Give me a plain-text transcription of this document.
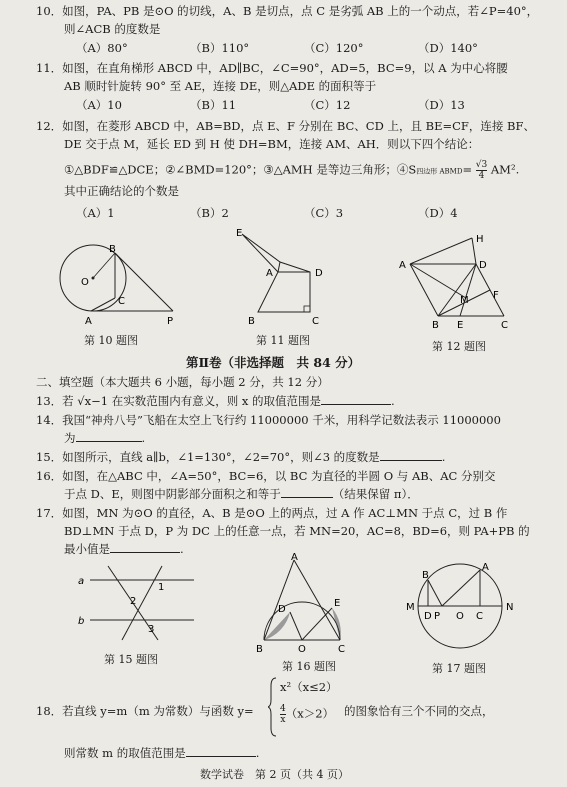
10．如图，PA、PB 是⊙O 的切线，A、B 是切点，点 C 是劣弧 AB 上的一个动点，若∠P=40°，
则∠ACB 的度数是
（A）80°	（B）110°	（C）120°	（D）140°
11．如图，在直角梯形 ABCD 中，AD∥BC，∠C=90°，AD=5，BC=9，以 A 为中心将腰
AB 顺时针旋转 90° 至 AE，连接 DE，则△ADE 的面积等于
（A）10	（B）11	（C）12	（D）13
12．如图，在菱形 ABCD 中，AB=BD，点 E、F 分别在 BC、CD 上，且 BE=CF，连接 BF、
DE 交于点 M，延长 ED 到 H 使 DH=BM，连接 AM、AH．则以下四个结论：
①△BDF≌△DCE；②∠BMD=120°；③△AMH 是等边三角形；④S四边形 ABMD= $\frac{√3}{4} AM^2$.
其中正确结论的个数是
（A）1	（B）2	（C）3	（D）4
B
O
C
A	P
第 10 题图
E
A	D
B	C
第 11 题图
H
A	D
M F
B E	C
第 12 题图
第Ⅱ卷（非选择题　共 84 分）
二、填空题（本大题共 6 小题，每小题 2 分，共 12 分）
13．若 √x−1 在实数范围内有意义，则 x 的取值范围是	.
14．我国“神舟八号”飞船在太空上飞行约 11000000 千米，用科学记数法表示 11000000
为	.
15．如图所示，直线 a∥b，∠1=130°，∠2=70°，则∠3 的度数是	.
16．如图，在△ABC 中，∠A=50°，BC=6，以 BC 为直径的半圆 O 与 AB、AC 分别交
于点 D、E，则图中阴影部分面积之和等于	（结果保留 π）．
17．如图，MN 为⊙O 的直径，A、B 是⊙O 上的两点，过 A 作 AC⊥MN 于点 C，过 B 作
BD⊥MN 于点 D，P 为 DC 上的任意一点，若 MN=20，AC=8，BD=6，则 PA+PB 的
最小值是	.
a
b
1
2
3
第 15 题图
A
D
E
B	O	C
第 16 题图
A
B
M
D P O C
N
第 17 题图
18．若直线 y=m（m 为常数）与函数 y=
x²（x≤2）
$\frac{4}{x} (x>2)$ 的图象恰有三个不同的交点，
则常数 m 的取值范围是	.
数学试卷　第 2 页（共 4 页）
